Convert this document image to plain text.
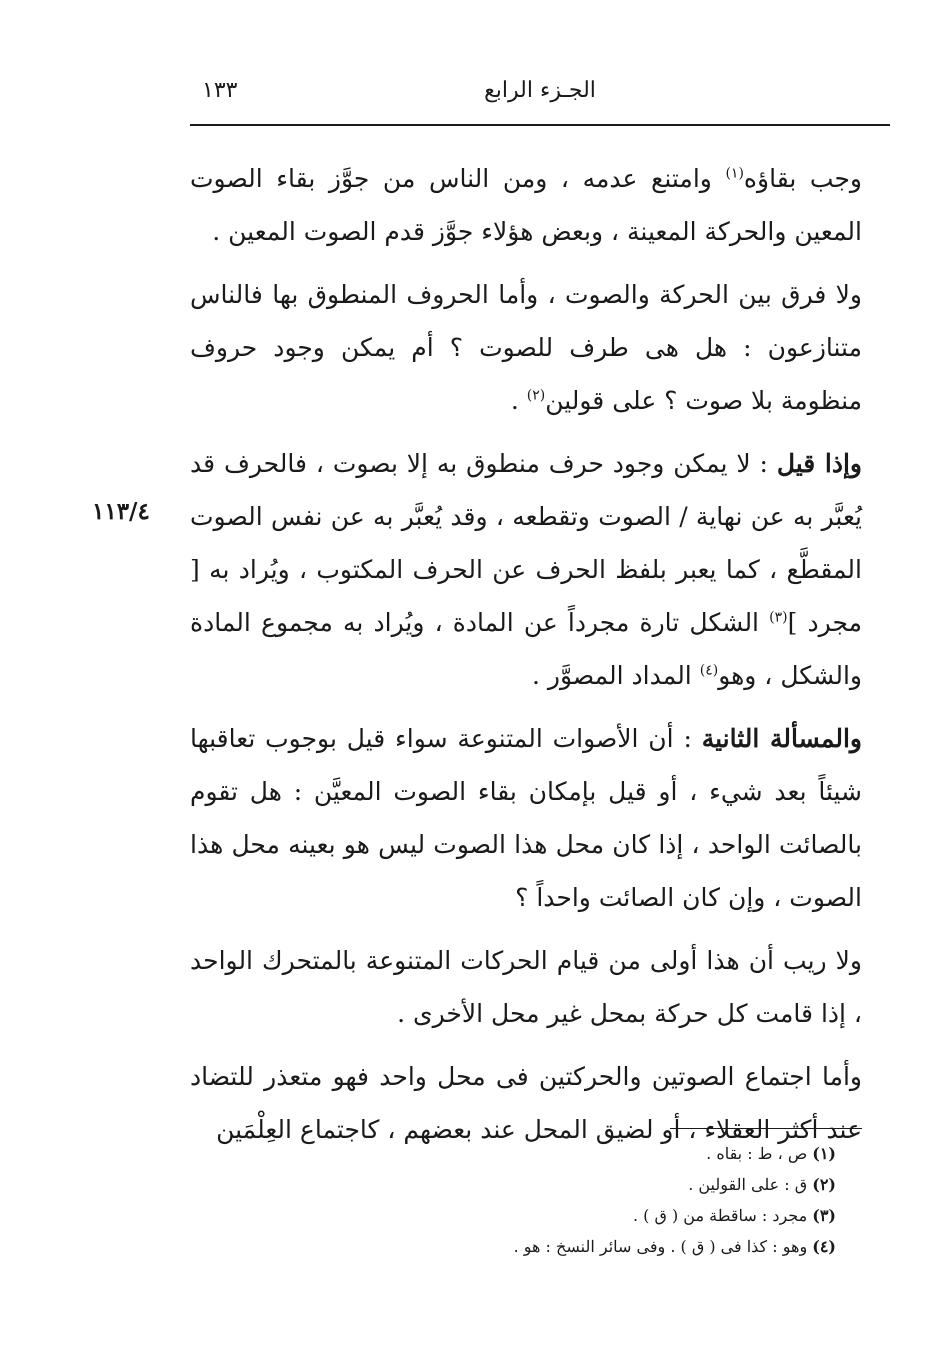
الجـزء الرابع
١٣٣
١١٣/٤

وجب بقاؤه$^{(١)}$ وامتنع عدمه ، ومن الناس من جوَّز بقاء الصوت المعين والحركة المعينة ، وبعض هؤلاء جوَّز قدم الصوت المعين .

ولا فرق بين الحركة والصوت ، وأما الحروف المنطوق بها فالناس متنازعون : هل هى طرف للصوت ؟ أم يمكن وجود حروف منظومة بلا صوت ؟ على قولين$^{(٢)}$ .

وإذا قيل : لا يمكن وجود حرف منطوق به إلا بصوت ، فالحرف قد يُعبَّر به عن نهاية / الصوت وتقطعه ، وقد يُعبَّر به عن نفس الصوت المقطَّع ، كما يعبر بلفظ الحرف عن الحرف المكتوب ، ويُراد به [ مجرد ]$^{(٣)}$ الشكل تارة مجرداً عن المادة ، ويُراد به مجموع المادة والشكل ، وهو$^{(٤)}$ المداد المصوَّر .

والمسألة الثانية : أن الأصوات المتنوعة سواء قيل بوجوب تعاقبها شيئاً بعد شيء ، أو قيل بإمكان بقاء الصوت المعيَّن : هل تقوم بالصائت الواحد ، إذا كان محل هذا الصوت ليس هو بعينه محل هذا الصوت ، وإن كان الصائت واحداً ؟

ولا ريب أن هذا أولى من قيام الحركات المتنوعة بالمتحرك الواحد ، إذا قامت كل حركة بمحل غير محل الأخرى .

وأما اجتماع الصوتين والحركتين فى محل واحد فهو متعذر للتضاد عند أكثر العقلاء ، أو لضيق المحل عند بعضهم ، كاجتماع العِلْمَين

(١) ص ، ط : بقاه .
(٢) ق : على القولين .
(٣) مجرد : ساقطة من ( ق ) .
(٤) وهو : كذا فى ( ق ) . وفى سائر النسخ : هو .
